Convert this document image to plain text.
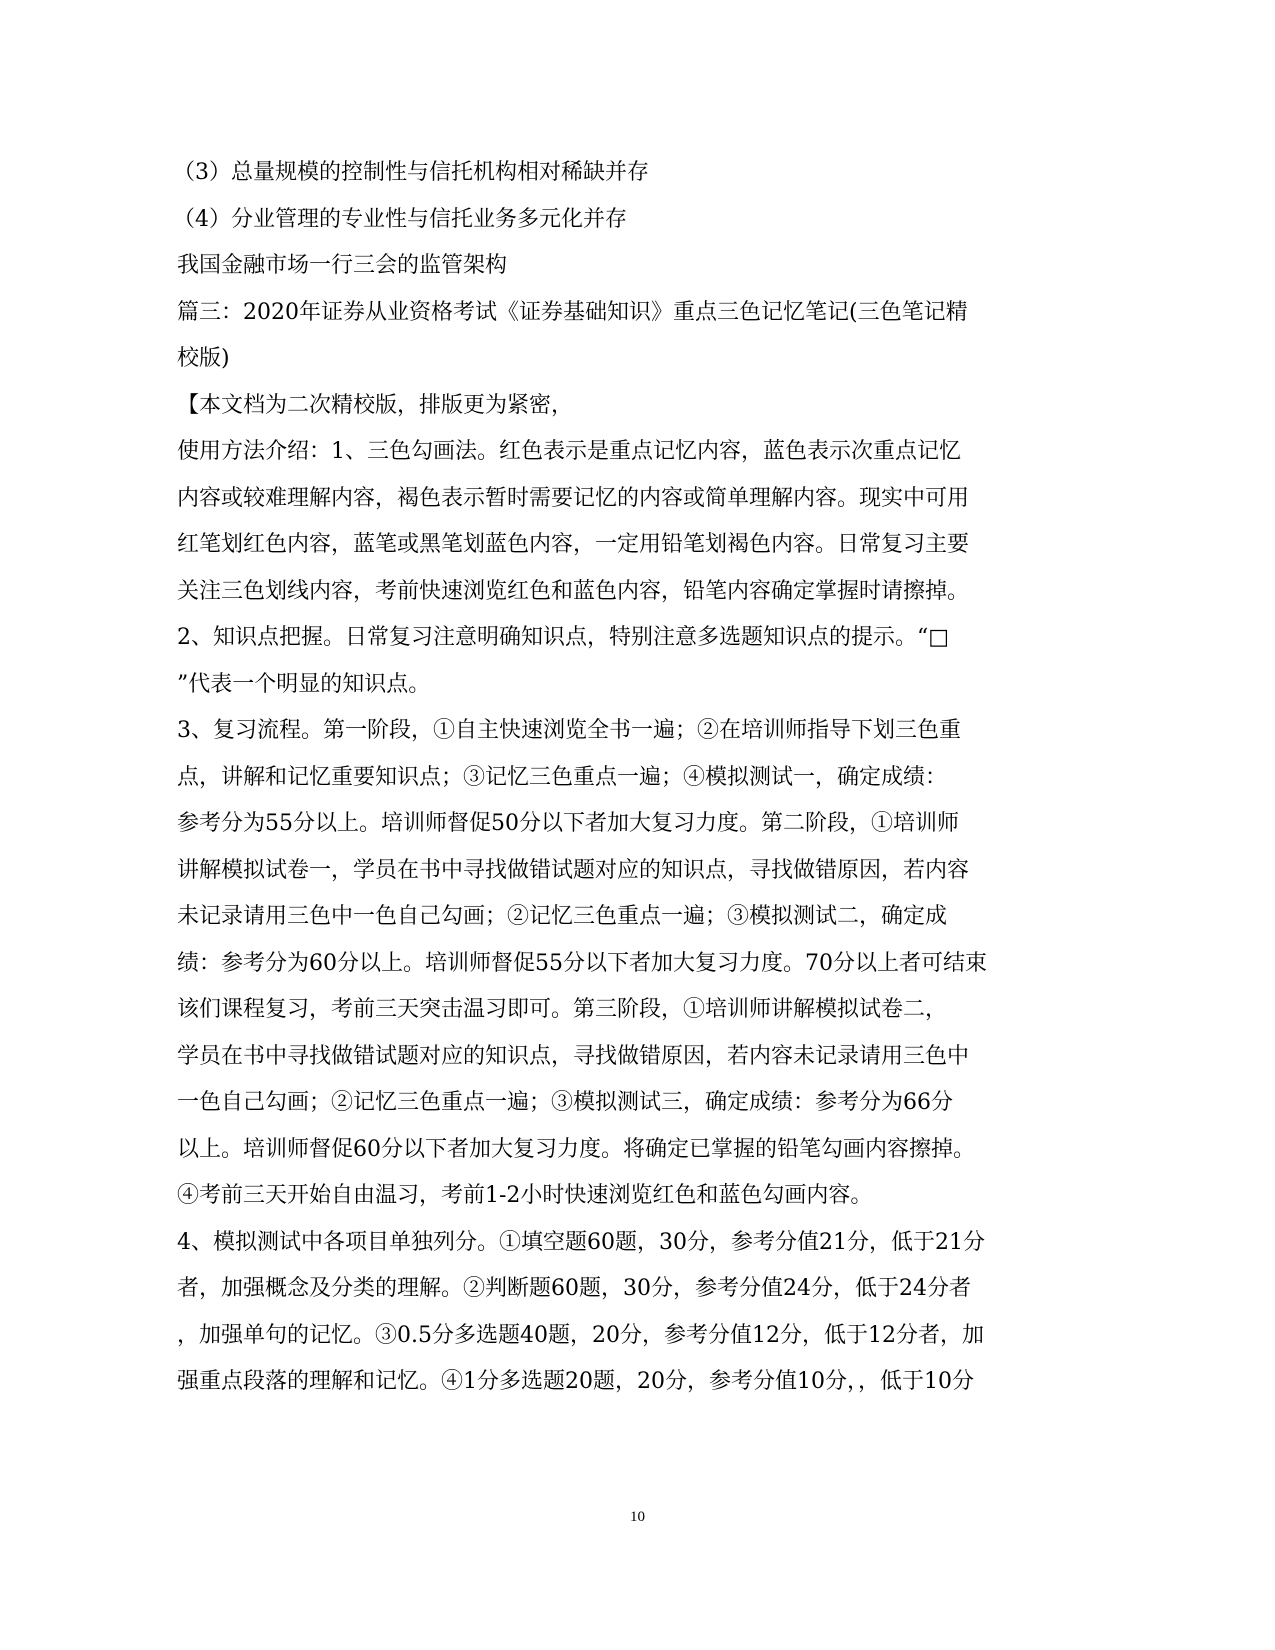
（3）总量规模的控制性与信托机构相对稀缺并存
（4）分业管理的专业性与信托业务多元化并存
我国金融市场一行三会的监管架构
篇三：2020年证券从业资格考试《证券基础知识》重点三色记忆笔记(三色笔记精
校版)
【本文档为二次精校版，排版更为紧密，
使用方法介绍：1、三色勾画法。红色表示是重点记忆内容，蓝色表示次重点记忆
内容或较难理解内容，褐色表示暂时需要记忆的内容或简单理解内容。现实中可用
红笔划红色内容，蓝笔或黑笔划蓝色内容，一定用铅笔划褐色内容。日常复习主要
关注三色划线内容，考前快速浏览红色和蓝色内容，铅笔内容确定掌握时请擦掉。
2、知识点把握。日常复习注意明确知识点，特别注意多选题知识点的提示。“□
”代表一个明显的知识点。
3、复习流程。第一阶段，①自主快速浏览全书一遍；②在培训师指导下划三色重
点，讲解和记忆重要知识点；③记忆三色重点一遍；④模拟测试一，确定成绩：
参考分为55分以上。培训师督促50分以下者加大复习力度。第二阶段，①培训师
讲解模拟试卷一，学员在书中寻找做错试题对应的知识点，寻找做错原因，若内容
未记录请用三色中一色自己勾画；②记忆三色重点一遍；③模拟测试二，确定成
绩：参考分为60分以上。培训师督促55分以下者加大复习力度。70分以上者可结束
该们课程复习，考前三天突击温习即可。第三阶段，①培训师讲解模拟试卷二，
学员在书中寻找做错试题对应的知识点，寻找做错原因，若内容未记录请用三色中
一色自己勾画；②记忆三色重点一遍；③模拟测试三，确定成绩：参考分为66分
以上。培训师督促60分以下者加大复习力度。将确定已掌握的铅笔勾画内容擦掉。
④考前三天开始自由温习，考前1-2小时快速浏览红色和蓝色勾画内容。
4、模拟测试中各项目单独列分。①填空题60题，30分，参考分值21分，低于21分
者，加强概念及分类的理解。②判断题60题，30分，参考分值24分，低于24分者
，加强单句的记忆。③0.5分多选题40题，20分，参考分值12分，低于12分者，加
强重点段落的理解和记忆。④1分多选题20题，20分，参考分值10分，，低于10分
10
